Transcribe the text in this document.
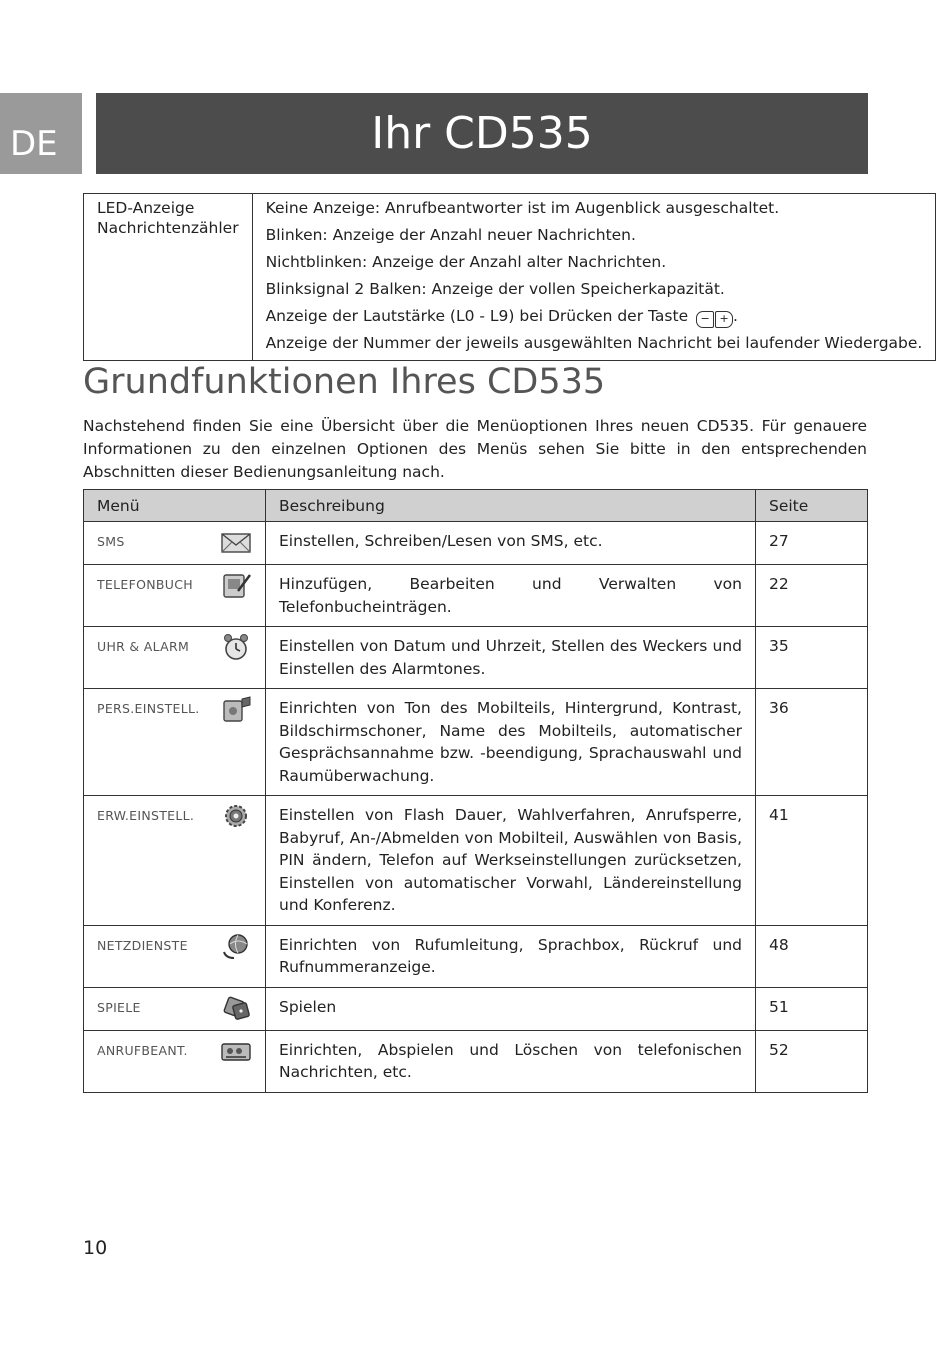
DE	Ihr CD535
LED-Anzeige Nachrichtenzähler	
Keine Anzeige: Anrufbeantworter ist im Augenblick ausgeschaltet.
Blinken: Anzeige der Anzahl neuer Nachrichten.
Nichtblinken: Anzeige der Anzahl alter Nachrichten.
Blinksignal 2 Balken: Anzeige der vollen Speicherkapazität.
Anzeige der Lautstärke (L0 - L9) bei Drücken der Taste	− + .
Anzeige der Nummer der jeweils ausgewählten Nachricht bei laufender Wiedergabe.
Grundfunktionen Ihres CD535

Nachstehend finden Sie eine Übersicht über die Menüoptionen Ihres neuen CD535. Für genauere Informationen zu den einzelnen Optionen des Menüs sehen Sie bitte in den entsprechenden Abschnitten dieser Bedienungsanleitung nach.

Menü	Beschreibung	Seite

SMS	Einstellen, Schreiben/Lesen von SMS, etc.	27

TELEFONBUCH	Hinzufügen, Bearbeiten und Verwalten von Telefonbucheinträgen.	22

UHR & ALARM	Einstellen von Datum und Uhrzeit, Stellen des Weckers und Einstellen des Alarmtones.	35

PERS.EINSTELL.	Einrichten von Ton des Mobilteils, Hintergrund, Kontrast, Bildschirmschoner, Name des Mobilteils, automatischer Gesprächsannahme bzw. -beendigung, Sprachauswahl und Raumüberwachung.	36

ERW.EINSTELL.	Einstellen von Flash Dauer, Wahlverfahren, Anrufsperre, Babyruf, An-/Abmelden von Mobilteil, Auswählen von Basis, PIN ändern, Telefon auf Werkseinstellungen zurücksetzen, Einstellen von automatischer Vorwahl, Ländereinstellung und Konferenz.	41

NETZDIENSTE	Einrichten von Rufumleitung, Sprachbox, Rückruf und Rufnummeranzeige.	48

SPIELE	Spielen	51

ANRUFBEANT.	Einrichten, Abspielen und Löschen von telefonischen Nachrichten, etc.	52
10
